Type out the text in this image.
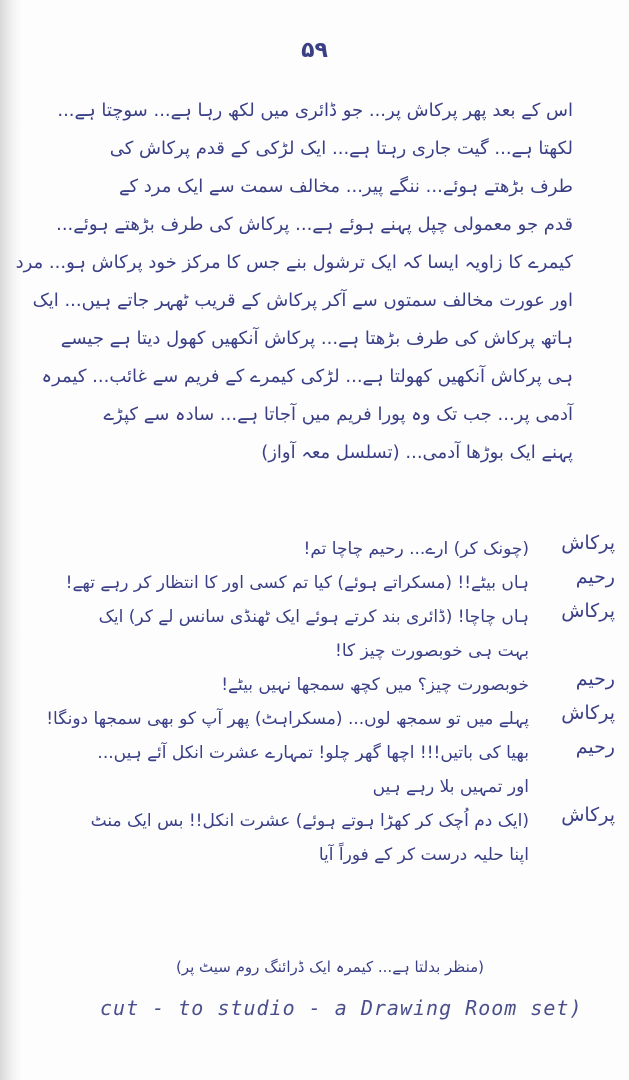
۵۹
اس کے بعد پھر پرکاش پر... جو ڈائری میں لکھ رہا ہے... سوچتا ہے...
لکھتا ہے... گیت جاری رہتا ہے... ایک لڑکی کے قدم پرکاش کی
طرف بڑھتے ہوئے... ننگے پیر... مخالف سمت سے ایک مرد کے
قدم جو معمولی چپل پہنے ہوئے ہے... پرکاش کی طرف بڑھتے ہوئے...
کیمرے کا زاویہ ایسا کہ ایک ترشول بنے جس کا مرکز خود پرکاش ہو... مرد
اور عورت مخالف سمتوں سے آکر پرکاش کے قریب ٹھہر جاتے ہیں... ایک
ہاتھ پرکاش کی طرف بڑھتا ہے... پرکاش آنکھیں کھول دیتا ہے جیسے
ہی پرکاش آنکھیں کھولتا ہے... لڑکی کیمرے کے فریم سے غائب... کیمرہ
آدمی پر... جب تک وہ پورا فریم میں آجاتا ہے... سادہ سے کپڑے
پہنے ایک بوڑھا آدمی... (تسلسل معہ آواز)
پرکاش
(چونک کر) ارے... رحیم چاچا تم!
رحیم
ہاں بیٹے!! (مسکراتے ہوئے) کیا تم کسی اور کا انتظار کر رہے تھے!
پرکاش
ہاں چاچا! (ڈائری بند کرتے ہوئے ایک ٹھنڈی سانس لے کر) ایک
بہت ہی خوبصورت چیز کا!
رحیم
خوبصورت چیز؟ میں کچھ سمجھا نہیں بیٹے!
پرکاش
پہلے میں تو سمجھ لوں... (مسکراہٹ) پھر آپ کو بھی سمجھا دونگا!
رحیم
بھیا کی باتیں!!! اچھا گھر چلو! تمہارے عشرت انکل آئے ہیں...
اور تمہیں بلا رہے ہیں
پرکاش
(ایک دم اُچک کر کھڑا ہوتے ہوئے) عشرت انکل!! بس ایک منٹ
اپنا حلیہ درست کر کے فوراً آیا
(منظر بدلتا ہے... کیمرہ ایک ڈرائنگ روم سیٹ پر)
cut - to studio - a Drawing Room set)
